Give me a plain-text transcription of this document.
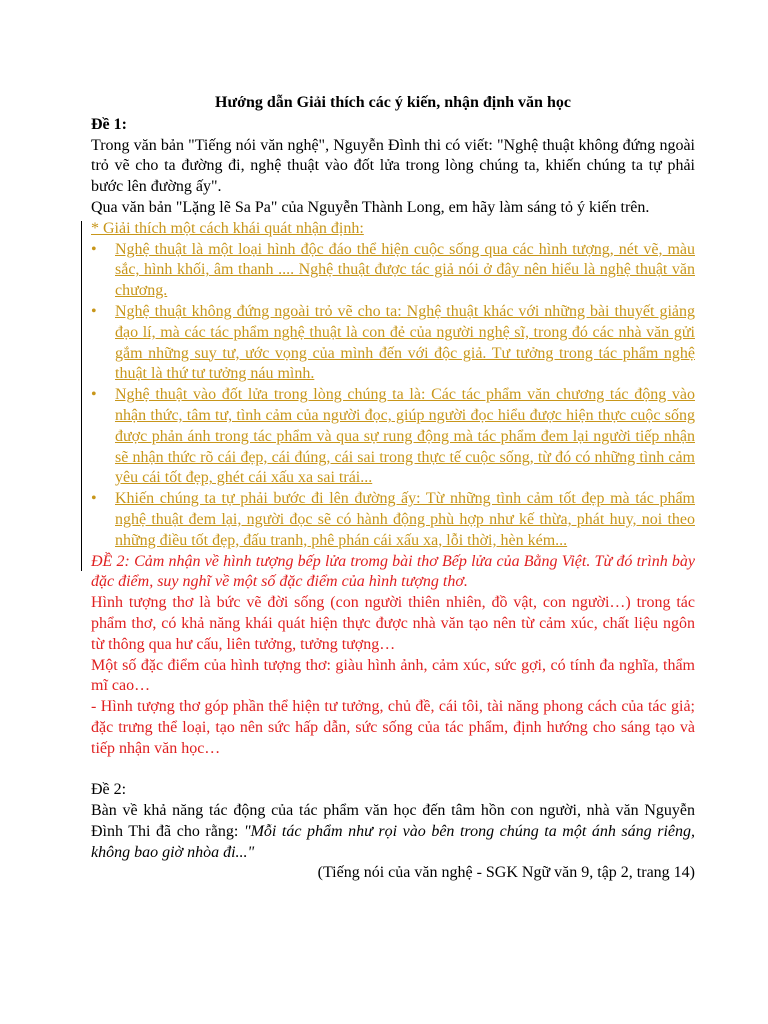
Hướng dẫn Giải thích các ý kiến, nhận định văn học

Đề 1:

Trong văn bản "Tiếng nói văn nghệ", Nguyễn Đình thi có viết: "Nghệ thuật không đứng ngoài trỏ vẽ cho ta đường đi, nghệ thuật vào đốt lửa trong lòng chúng ta, khiến chúng ta tự phải bước lên đường ấy".

Qua văn bản "Lặng lẽ Sa Pa" của Nguyễn Thành Long, em hãy làm sáng tỏ ý kiến trên.

* Giải thích một cách khái quát nhận định:

• Nghệ thuật là một loại hình độc đáo thể hiện cuộc sống qua các hình tượng, nét vẽ, màu sắc, hình khối, âm thanh .... Nghệ thuật được tác giả nói ở đây nên hiểu là nghệ thuật văn chương.

• Nghệ thuật không đứng ngoài trỏ vẽ cho ta: Nghệ thuật khác với những bài thuyết giảng đạo lí, mà các tác phẩm nghệ thuật là con đẻ của người nghệ sĩ, trong đó các nhà văn gửi gắm những suy tư, ước vọng của mình đến với độc giả. Tư tưởng trong tác phẩm nghệ thuật là thứ tư tưởng náu mình.

• Nghệ thuật vào đốt lửa trong lòng chúng ta là: Các tác phẩm văn chương tác động vào nhận thức, tâm tư, tình cảm của người đọc, giúp người đọc hiểu được hiện thực cuộc sống được phản ánh trong tác phẩm và qua sự rung động mà tác phẩm đem lại người tiếp nhận sẽ nhận thức rõ cái đẹp, cái đúng, cái sai trong thực tế cuộc sống, từ đó có những tình cảm yêu cái tốt đẹp, ghét cái xấu xa sai trái...

• Khiến chúng ta tự phải bước đi lên đường ấy: Từ những tình cảm tốt đẹp mà tác phẩm nghệ thuật đem lại, người đọc sẽ có hành động phù hợp như kế thừa, phát huy, noi theo những điều tốt đẹp, đấu tranh, phê phán cái xấu xa, lỗi thời, hèn kém...

ĐỀ 2: Cảm nhận về hình tượng bếp lửa tromg bài thơ Bếp lửa của Bằng Việt. Từ đó trình bày đặc điểm, suy nghĩ về một số đặc điểm của hình tượng thơ.

Hình tượng thơ là bức vẽ đời sống (con người thiên nhiên, đồ vật, con người…) trong tác phẩm thơ, có khả năng khái quát hiện thực được nhà văn tạo nên từ cảm xúc, chất liệu ngôn từ thông qua hư cấu, liên tưởng, tưởng tượng…

Một số đặc điểm của hình tượng thơ: giàu hình ảnh, cảm xúc, sức gợi, có tính đa nghĩa, thẩm mĩ cao…

- Hình tượng thơ góp phần thể hiện tư tưởng, chủ đề, cái tôi, tài năng phong cách của tác giả; đặc trưng thể loại, tạo nên sức hấp dẫn, sức sống của tác phẩm, định hướng cho sáng tạo và tiếp nhận văn học…

Đề 2:

Bàn về khả năng tác động của tác phẩm văn học đến tâm hồn con người, nhà văn Nguyễn Đình Thi đã cho rằng: "Mỗi tác phẩm như rọi vào bên trong chúng ta một ánh sáng riêng, không bao giờ nhòa đi..."

(Tiếng nói của văn nghệ - SGK Ngữ văn 9, tập 2, trang 14)
